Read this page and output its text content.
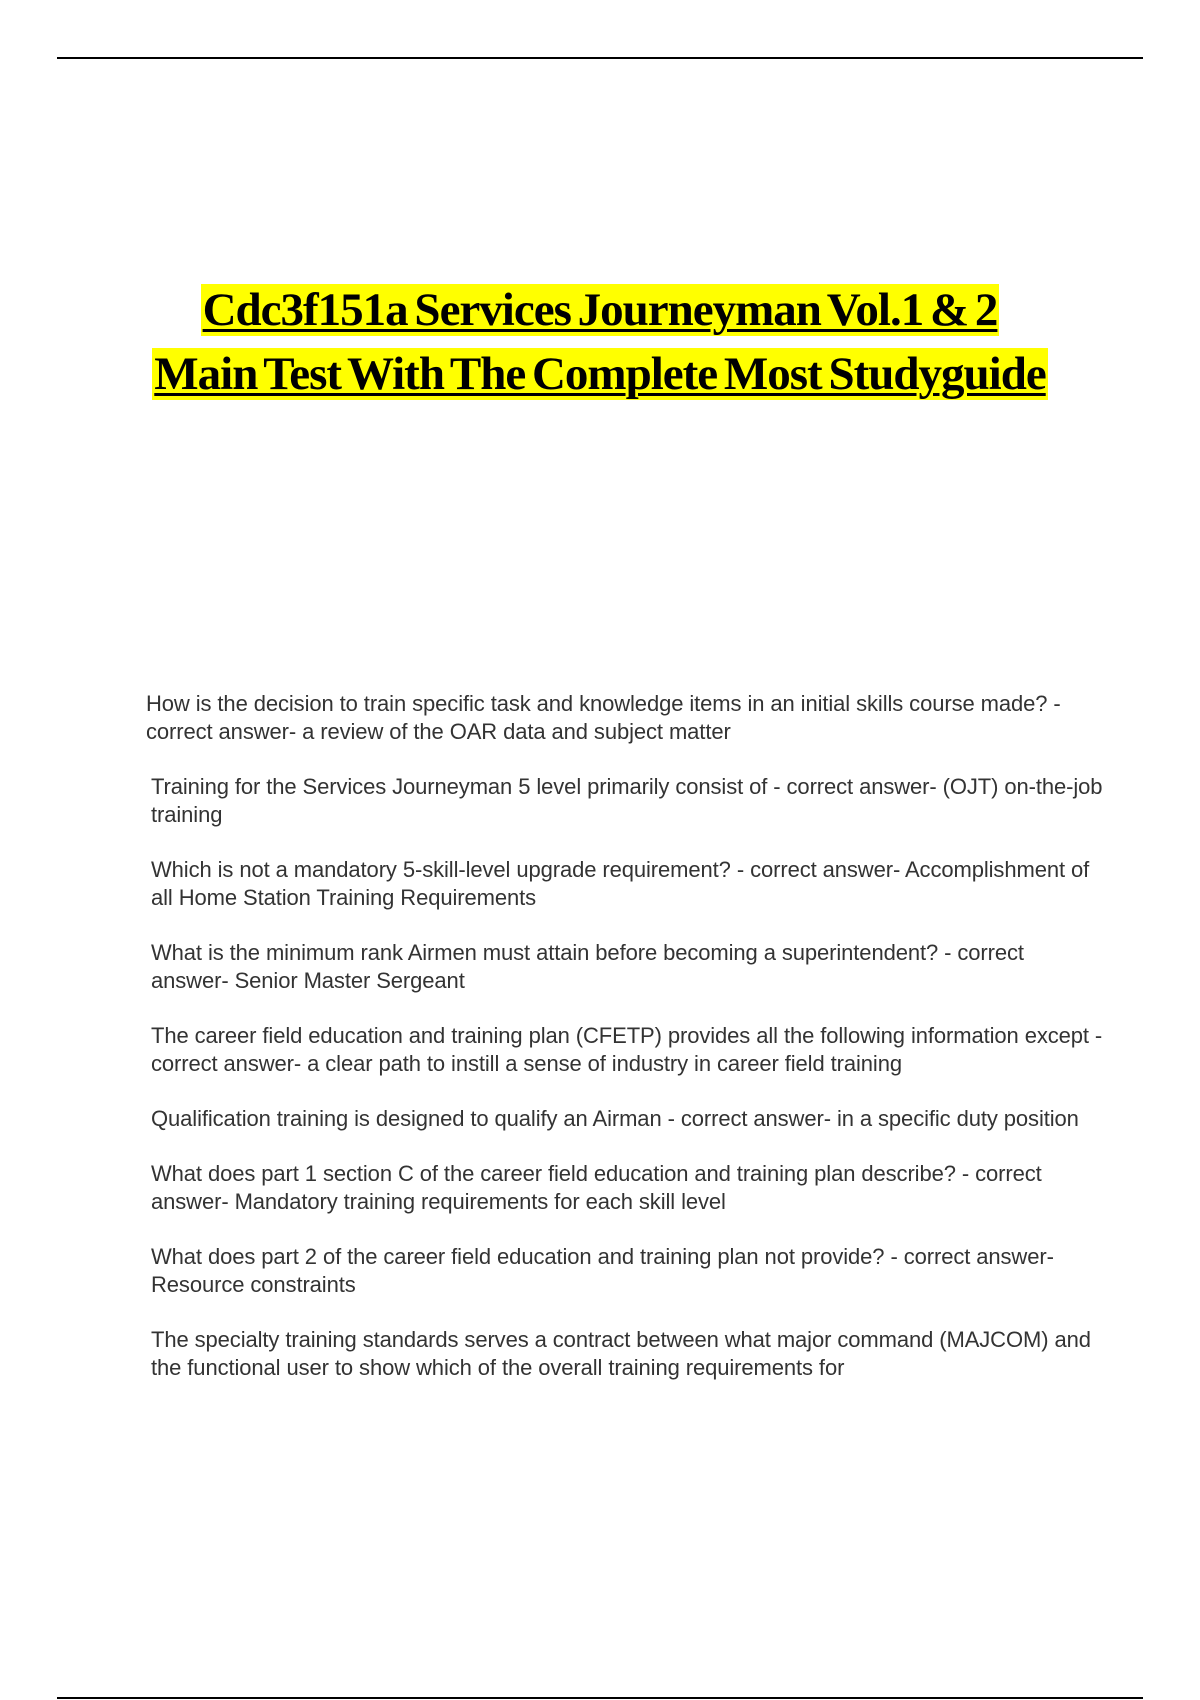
Cdc3f151a Services Journeyman Vol.1 & 2
Main Test With The Complete Most Studyguide
How is the decision to train specific task and knowledge items in an initial skills course made? - correct answer- a review of the OAR data and subject matter
Training for the Services Journeyman 5 level primarily consist of - correct answer- (OJT) on-the-job training
Which is not a mandatory 5-skill-level upgrade requirement? - correct answer- Accomplishment of all Home Station Training Requirements
What is the minimum rank Airmen must attain before becoming a superintendent? - correct answer- Senior Master Sergeant
The career field education and training plan (CFETP) provides all the following information except - correct answer- a clear path to instill a sense of industry in career field training
Qualification training is designed to qualify an Airman - correct answer- in a specific duty position
What does part 1 section C of the career field education and training plan describe? - correct answer- Mandatory training requirements for each skill level
What does part 2 of the career field education and training plan not provide? - correct answer- Resource constraints
The specialty training standards serves a contract between what major command (MAJCOM) and the functional user to show which of the overall training requirements for
